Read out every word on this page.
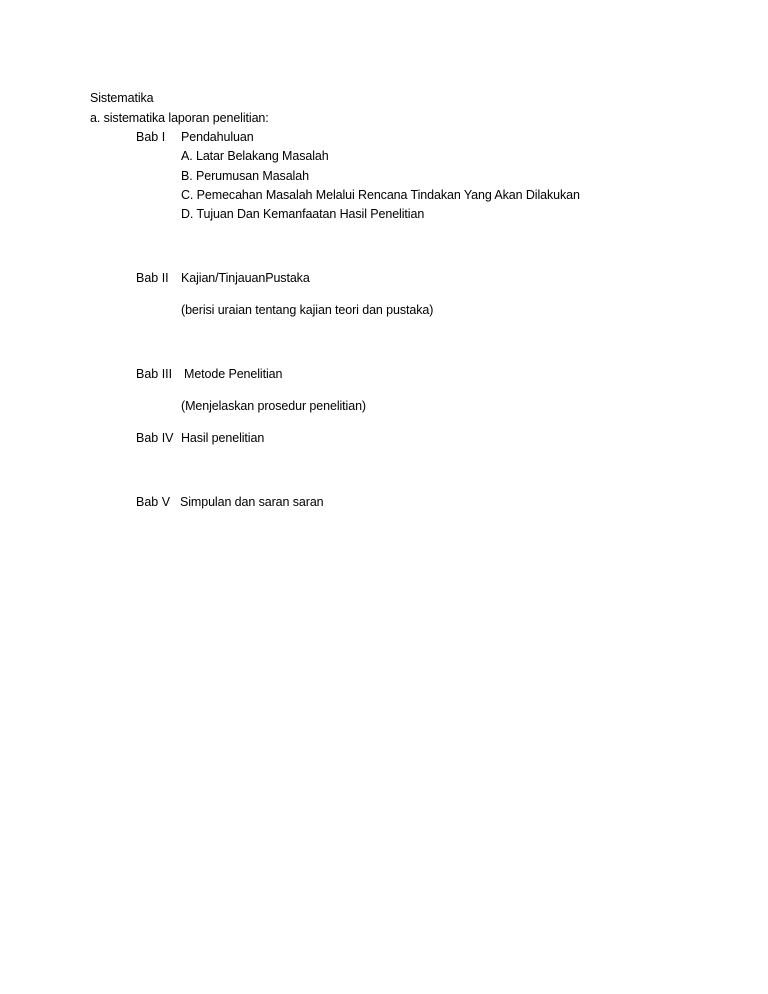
Sistematika
a. sistematika laporan penelitian:
Bab I Pendahuluan
A. Latar Belakang Masalah
B. Perumusan Masalah
C. Pemecahan Masalah Melalui Rencana Tindakan Yang Akan Dilakukan
D. Tujuan Dan Kemanfaatan Hasil Penelitian
Bab II Kajian/TinjauanPustaka
(berisi uraian tentang kajian teori dan pustaka)
Bab III Metode Penelitian
(Menjelaskan prosedur penelitian)
Bab IV Hasil penelitian
Bab V Simpulan dan saran saran
